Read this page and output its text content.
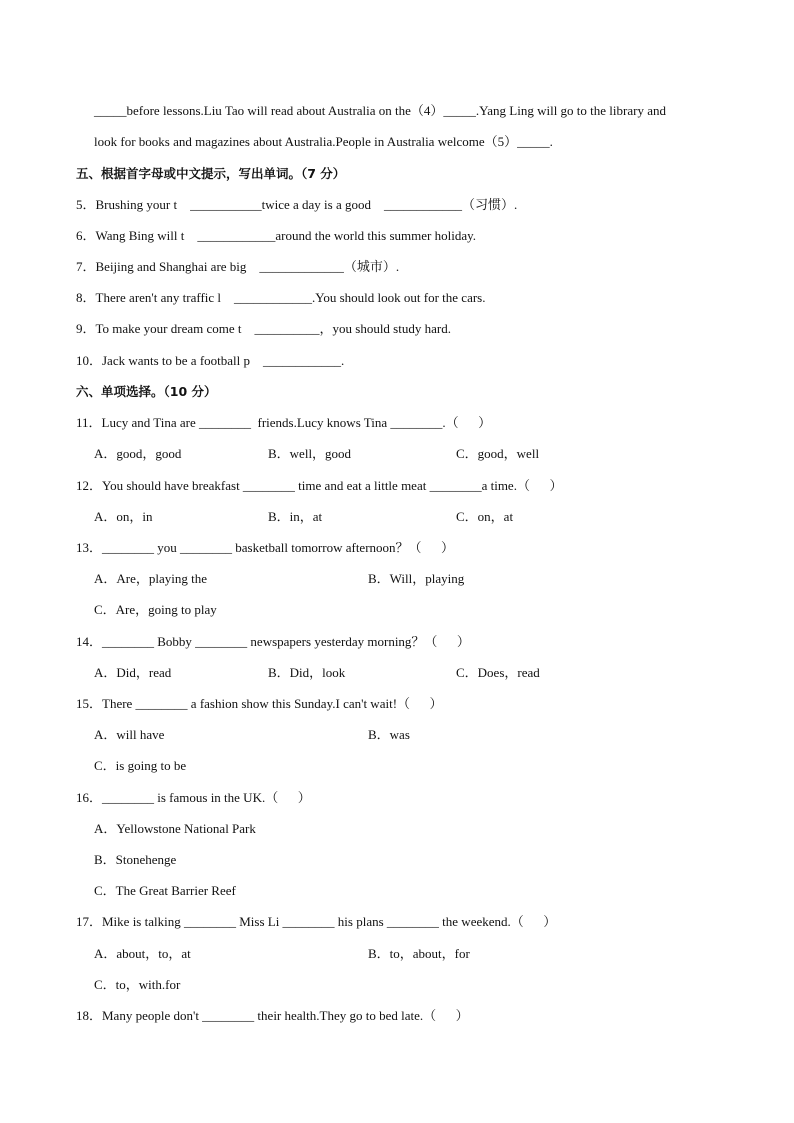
_____before lessons.Liu Tao will read about Australia on the（4）_____.Yang Ling will go to the library and
look for books and magazines about Australia.People in Australia welcome（5）_____.
五、根据首字母或中文提示，写出单词。（7 分）
5．Brushing your t    ___________twice a day is a good    ____________（习惯）.
6．Wang Bing will t    ____________around the world this summer holiday.
7．Beijing and Shanghai are big    _____________（城市）.
8．There aren't any traffic l    ____________.You should look out for the cars.
9．To make your dream come t    __________，you should study hard.
10．Jack wants to be a football p    ____________.
六、单项选择。（10 分）
11．Lucy and Tina are ________  friends.Lucy knows Tina ________.（      ）
A．good，good	B．well，good	C．good，well
12．You should have breakfast ________ time and eat a little meat ________a time.（      ）
A．on，in	B．in，at	C．on，at
13．________ you ________ basketball tomorrow afternoon？（      ）
A．Are，playing the	B．Will，playing
C．Are，going to play
14．________ Bobby ________ newspapers yesterday morning？（      ）
A．Did，read	B．Did，look	C．Does，read
15．There ________ a fashion show this Sunday.I can't wait!（      ）
A．will have	B．was
C．is going to be
16．________ is famous in the UK.（      ）
A．Yellowstone National Park
B．Stonehenge
C．The Great Barrier Reef
17．Mike is talking ________ Miss Li ________ his plans ________ the weekend.（      ）
A．about，to，at	B．to，about，for
C．to，with.for
18．Many people don't ________ their health.They go to bed late.（      ）
